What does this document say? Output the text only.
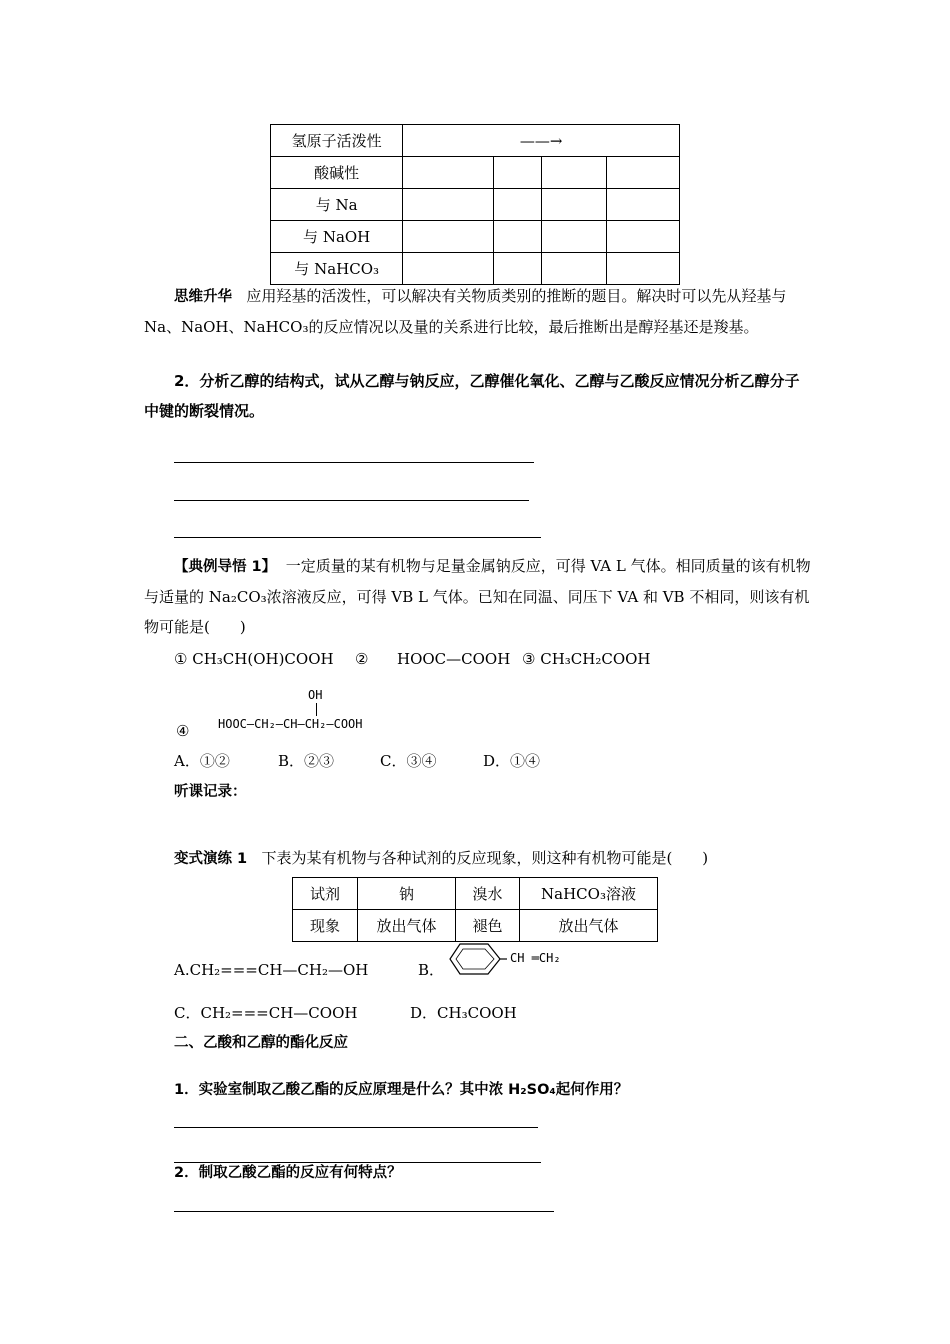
氢原子活泼性	——→			
酸碱性				
与 Na				
与 NaOH				
与 NaHCO₃				
思维升华 应用羟基的活泼性，可以解决有关物质类别的推断的题目。解决时可以先从羟基与 Na、NaOH、NaHCO₃的反应情况以及量的关系进行比较，最后推断出是醇羟基还是羧基。
2．分析乙醇的结构式，试从乙醇与钠反应，乙醇催化氧化、乙醇与乙酸反应情况分析乙醇分子中键的断裂情况。
【典例导悟 1】 一定质量的某有机物与足量金属钠反应，可得 VA L 气体。相同质量的该有机物与适量的 Na₂CO₃浓溶液反应，可得 VB L 气体。已知在同温、同压下 VA 和 VB 不相同，则该有机物可能是(　　)
① CH₃CH(OH)COOH ② HOOC—COOH ③ CH₃CH₂COOH
OH
④ HOOC—CH₂—CH—CH₂—COOH
A．①②	B．②③	C．③④	D．①④
听课记录：
变式演练 1 下表为某有机物与各种试剂的反应现象，则这种有机物可能是(　　)
试剂	钠	溴水	NaHCO₃溶液
现象	放出气体	褪色	放出气体
A.CH₂===CH—CH₂—OH	B．
CH ═CH₂
C．CH₂===CH—COOH	D．CH₃COOH
二、乙酸和乙醇的酯化反应
1．实验室制取乙酸乙酯的反应原理是什么？其中浓 H₂SO₄起何作用？
2．制取乙酸乙酯的反应有何特点？
